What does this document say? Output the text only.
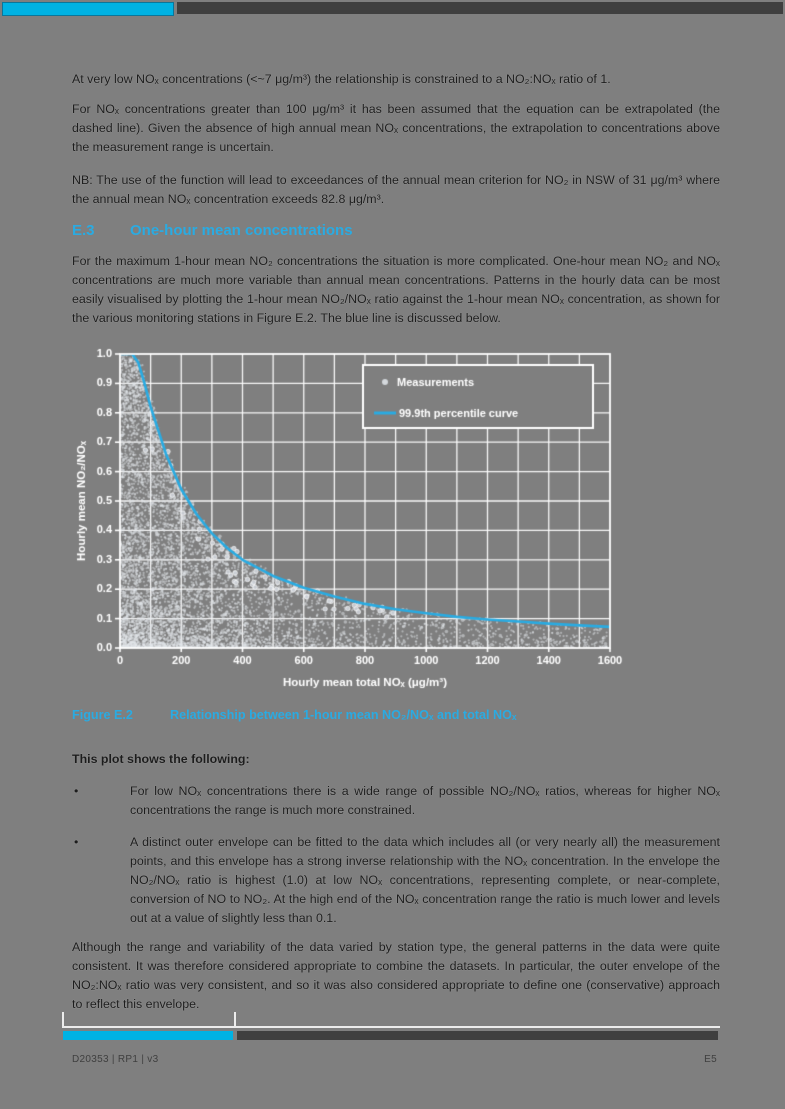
At very low NOₓ concentrations (<~7 μg/m³) the relationship is constrained to a NO₂:NOₓ ratio of 1.

For NOₓ concentrations greater than 100 μg/m³ it has been assumed that the equation can be extrapolated (the dashed line). Given the absence of high annual mean NOₓ concentrations, the extrapolation to concentrations above the measurement range is uncertain.

NB: The use of the function will lead to exceedances of the annual mean criterion for NO₂ in NSW of 31 μg/m³ where the annual mean NOₓ concentration exceeds 82.8 μg/m³.

E.3	One-hour mean concentrations

For the maximum 1-hour mean NO₂ concentrations the situation is more complicated. One-hour mean NO₂ and NOₓ concentrations are much more variable than annual mean concentrations. Patterns in the hourly data can be most easily visualised by plotting the 1-hour mean NO₂/NOₓ ratio against the 1-hour mean NOₓ concentration, as shown for the various monitoring stations in Figure E.2. The blue line is discussed below.

Figure E.2	Relationship between 1-hour mean NO₂/NOₓ and total NOₓ

This plot shows the following:

•	For low NOₓ concentrations there is a wide range of possible NO₂/NOₓ ratios, whereas for higher NOₓ concentrations the range is much more constrained.
•	A distinct outer envelope can be fitted to the data which includes all (or very nearly all) the measurement points, and this envelope has a strong inverse relationship with the NOₓ concentration. In the envelope the NO₂/NOₓ ratio is highest (1.0) at low NOₓ concentrations, representing complete, or near-complete, conversion of NO to NO₂. At the high end of the NOₓ concentration range the ratio is much lower and levels out at a value of slightly less than 0.1.

Although the range and variability of the data varied by station type, the general patterns in the data were quite consistent. It was therefore considered appropriate to combine the datasets. In particular, the outer envelope of the NO₂:NOₓ ratio was very consistent, and so it was also considered appropriate to define one (conservative) approach to reflect this envelope.

D20353 | RP1 | v3	E5
